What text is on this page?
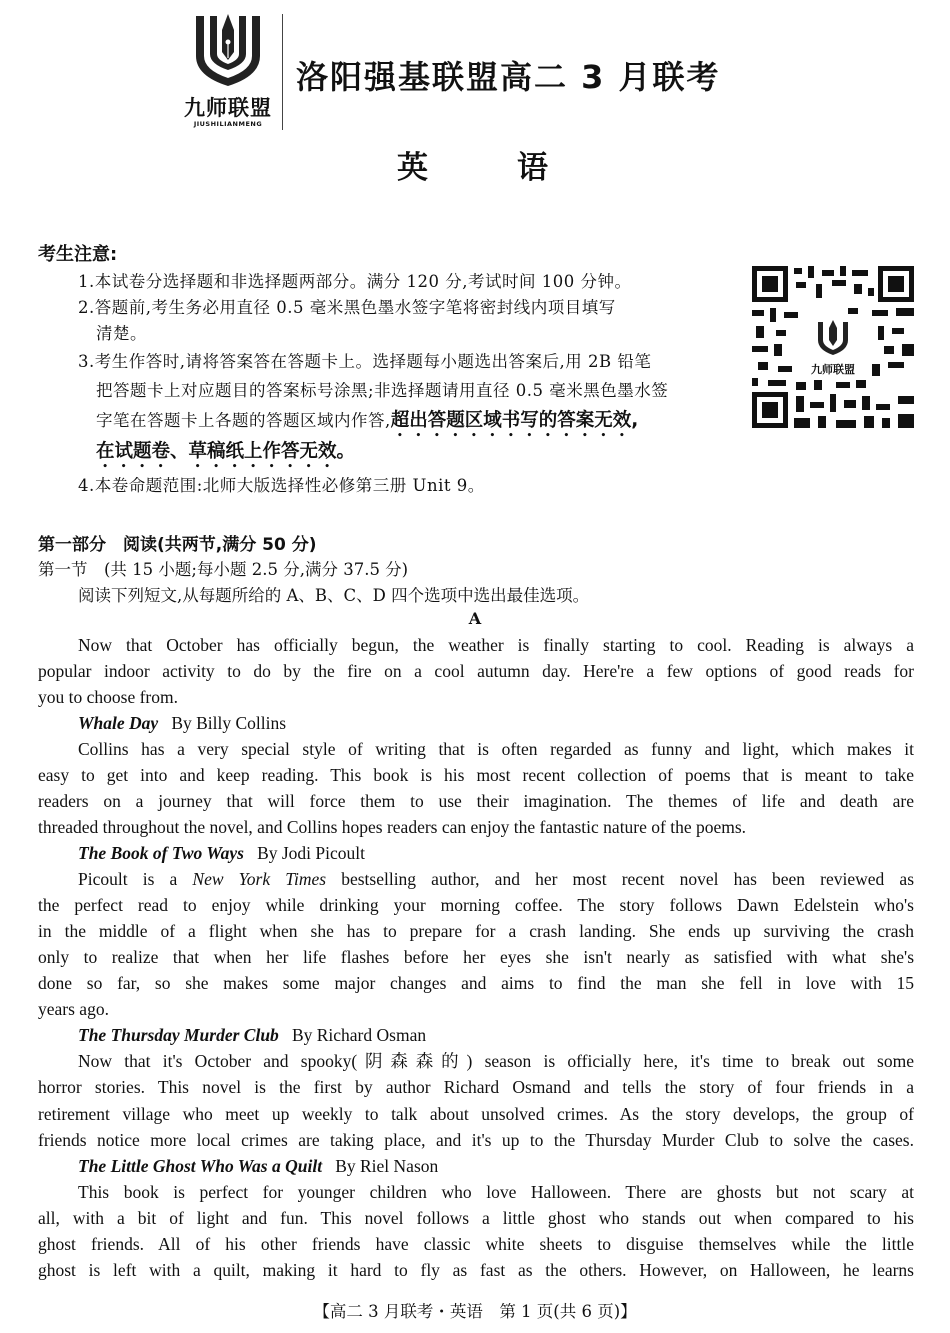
九师联盟
JIUSHILIANMENG
洛阳强基联盟高二 3 月联考
英	语
考生注意:
1.本试卷分选择题和非选择题两部分。满分 120 分,考试时间 100 分钟。
2.答题前,考生务必用直径 0.5 毫米黑色墨水签字笔将密封线内项目填写
清楚。
3.考生作答时,请将答案答在答题卡上。选择题每小题选出答案后,用 2B 铅笔
把答题卡上对应题目的答案标号涂黑;非选择题请用直径 0.5 毫米黑色墨水签
字笔在答题卡上各题的答题区域内作答,超出答题区域书写的答案无效,
在试题卷、草稿纸上作答无效。
4.本卷命题范围:北师大版选择性必修第三册 Unit 9。
九师联盟
第一部分　阅读(共两节,满分 50 分)
第一节　(共 15 小题;每小题 2.5 分,满分 37.5 分)
阅读下列短文,从每题所给的 A、B、C、D 四个选项中选出最佳选项。
A
Now that October has officially begun, the weather is finally starting to cool. Reading is always a
popular indoor activity to do by the fire on a cool autumn day. Here're a few options of good reads for
you to choose from.
Whale Day By Billy Collins
Collins has a very special style of writing that is often regarded as funny and light, which makes it
easy to get into and keep reading. This book is his most recent collection of poems that is meant to take
readers on a journey that will force them to use their imagination. The themes of life and death are
threaded throughout the novel, and Collins hopes readers can enjoy the fantastic nature of the poems.
The Book of Two Ways By Jodi Picoult
Picoult is a New York Times bestselling author, and her most recent novel has been reviewed as
the perfect read to enjoy while drinking your morning coffee. The story follows Dawn Edelstein who's
in the middle of a flight when she has to prepare for a crash landing. She ends up surviving the crash
only to realize that when her life flashes before her eyes she isn't nearly as satisfied with what she's
done so far, so she makes some major changes and aims to find the man she fell in love with 15
years ago.
The Thursday Murder Club By Richard Osman
Now that it's October and spooky(阴森森的) season is officially here, it's time to break out some
horror stories. This novel is the first by author Richard Osmand and tells the story of four friends in a
retirement village who meet up weekly to talk about unsolved crimes. As the story develops, the group of
friends notice more local crimes are taking place, and it's up to the Thursday Murder Club to solve the cases.
The Little Ghost Who Was a Quilt By Riel Nason
This book is perfect for younger children who love Halloween. There are ghosts but not scary at
all, with a bit of light and fun. This novel follows a little ghost who stands out when compared to his
ghost friends. All of his other friends have classic white sheets to disguise themselves while the little
ghost is left with a quilt, making it hard to fly as fast as the others. However, on Halloween, he learns
【高二 3 月联考・英语　第 1 页(共 6 页)】
